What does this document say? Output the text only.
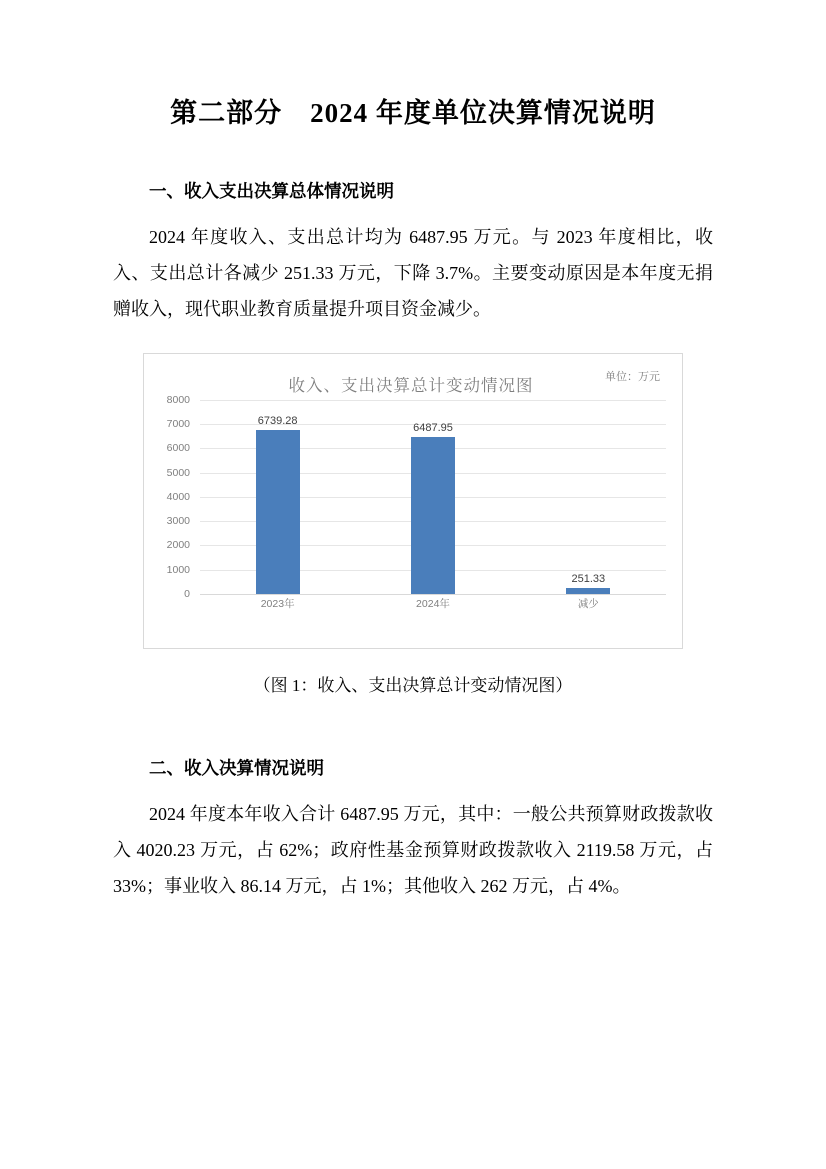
第二部分 2024 年度单位决算情况说明
一、收入支出决算总体情况说明

2024 年度收入、支出总计均为 6487.95 万元。与 2023 年度相比，收入、支出总计各减少 251.33 万元，下降 3.7%。主要变动原因是本年度无捐赠收入，现代职业教育质量提升项目资金减少。

收入、支出决算总计变动情况图	单位：万元
8000
7000
6000
5000
4000
3000
2000
1000
0
6739.28
6487.95
251.33
2023年	2024年	减少
（图 1：收入、支出决算总计变动情况图）
二、收入决算情况说明

2024 年度本年收入合计 6487.95 万元，其中：一般公共预算财政拨款收入 4020.23 万元，占 62%；政府性基金预算财政拨款收入 2119.58 万元，占 33%；事业收入 86.14 万元，占 1%；其他收入 262 万元，占 4%。
